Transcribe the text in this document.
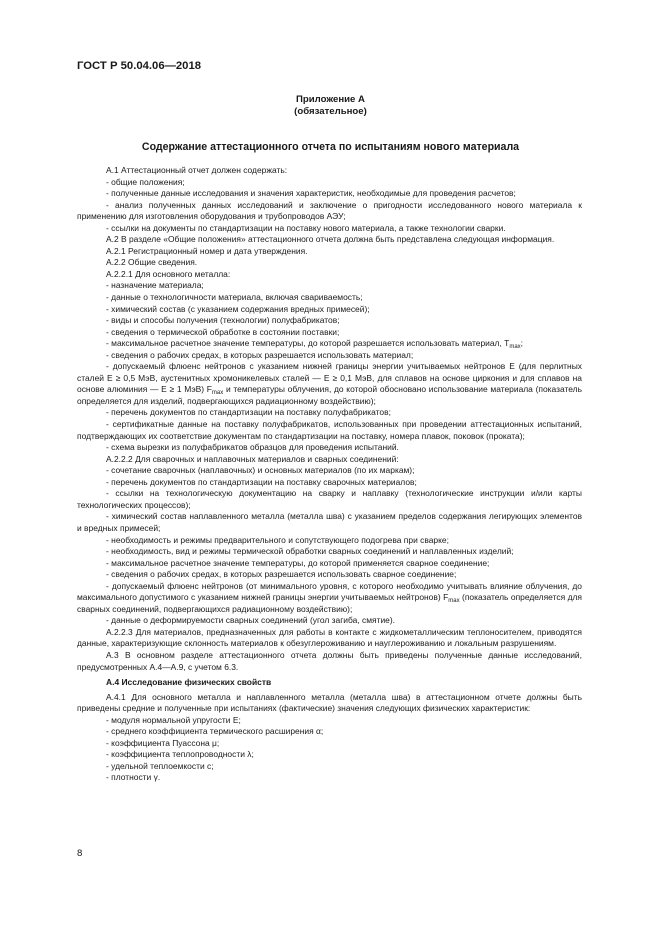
ГОСТ Р 50.04.06—2018
Приложение А
(обязательное)
Содержание аттестационного отчета по испытаниям нового материала

А.1 Аттестационный отчет должен содержать:

- общие положения;

- полученные данные исследования и значения характеристик, необходимые для проведения расчетов;

- анализ полученных данных исследований и заключение о пригодности исследованного нового материала к применению для изготовления оборудования и трубопроводов АЭУ;

- ссылки на документы по стандартизации на поставку нового материала, а также технологии сварки.

А.2 В разделе «Общие положения» аттестационного отчета должна быть представлена следующая информация.

А.2.1 Регистрационный номер и дата утверждения.

А.2.2 Общие сведения.

А.2.2.1 Для основного металла:

- назначение материала;

- данные о технологичности материала, включая свариваемость;

- химический состав (с указанием содержания вредных примесей);

- виды и способы получения (технологии) полуфабрикатов;

- сведения о термической обработке в состоянии поставки;

- максимальное расчетное значение температуры, до которой разрешается использовать материал, $T_{max}$;

- сведения о рабочих средах, в которых разрешается использовать материал;

- допускаемый флюенс нейтронов с указанием нижней границы энергии учитываемых нейтронов E (для перлитных сталей E ≥ 0,5 МэВ, аустенитных хромоникелевых сталей — E ≥ 0,1 МэВ, для сплавов на основе циркония и для сплавов на основе алюминия — E ≥ 1 МэВ) $F_{max}$ и температуры облучения, до которой обосновано использование материала (показатель определяется для изделий, подвергающихся радиационному воздействию);

- перечень документов по стандартизации на поставку полуфабрикатов;

- сертификатные данные на поставку полуфабрикатов, использованных при проведении аттестационных испытаний, подтверждающих их соответствие документам по стандартизации на поставку, номера плавок, поковок (проката);

- схема вырезки из полуфабрикатов образцов для проведения испытаний.

А.2.2.2 Для сварочных и наплавочных материалов и сварных соединений:

- сочетание сварочных (наплавочных) и основных материалов (по их маркам);

- перечень документов по стандартизации на поставку сварочных материалов;

- ссылки на технологическую документацию на сварку и наплавку (технологические инструкции и/или карты технологических процессов);

- химический состав наплавленного металла (металла шва) с указанием пределов содержания легирующих элементов и вредных примесей;

- необходимость и режимы предварительного и сопутствующего подогрева при сварке;

- необходимость, вид и режимы термической обработки сварных соединений и наплавленных изделий;

- максимальное расчетное значение температуры, до которой применяется сварное соединение;

- сведения о рабочих средах, в которых разрешается использовать сварное соединение;

- допускаемый флюенс нейтронов (от минимального уровня, с которого необходимо учитывать влияние облучения, до максимального допустимого с указанием нижней границы энергии учитываемых нейтронов) $F_{max}$ (показатель определяется для сварных соединений, подвергающихся радиационному воздействию);

- данные о деформируемости сварных соединений (угол загиба, смятие).

А.2.2.3 Для материалов, предназначенных для работы в контакте с жидкометаллическим теплоносителем, приводятся данные, характеризующие склонность материалов к обезуглероживанию и науглероживанию и локальным разрушениям.

А.3 В основном разделе аттестационного отчета должны быть приведены полученные данные исследований, предусмотренных А.4—А.9, с учетом 6.3.

А.4 Исследование физических свойств

А.4.1 Для основного металла и наплавленного металла (металла шва) в аттестационном отчете должны быть приведены средние и полученные при испытаниях (фактические) значения следующих физических характеристик:

- модуля нормальной упругости E;

- среднего коэффициента термического расширения α;

- коэффициента Пуассона μ;

- коэффициента теплопроводности λ;

- удельной теплоемкости c;

- плотности γ.

8
